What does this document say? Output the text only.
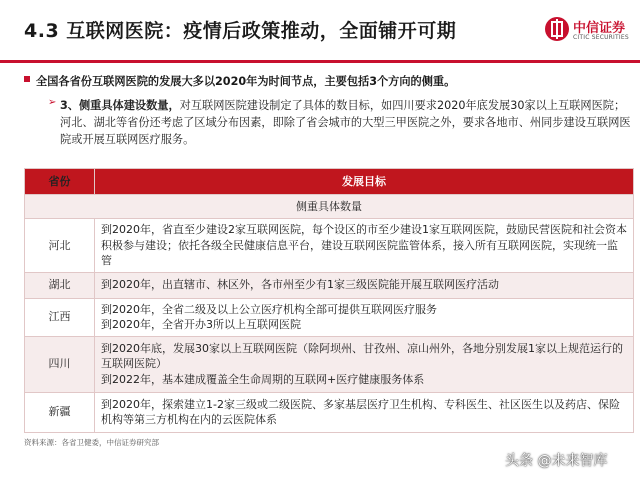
4.3 互联网医院：疫情后政策推动，全面铺开可期	中信证券
CITIC SECURITIES
全国各省份互联网医院的发展大多以2020年为时间节点，主要包括3个方向的侧重。
➢ 3、侧重具体建设数量，对互联网医院建设制定了具体的数目标，如四川要求2020年底发展30家以上互联网医院；河北、湖北等省份还考虑了区域分布因素，即除了省会城市的大型三甲医院之外，要求各地市、州同步建设互联网医院或开展互联网医疗服务。
省份	发展目标
侧重具体数量	
河北	到2020年，省直至少建设2家互联网医院，每个设区的市至少建设1家互联网医院，鼓励民营医院和社会资本积极参与建设；依托各级全民健康信息平台，建设互联网医院监管体系，接入所有互联网医院，实现统一监管
湖北	到2020年，出直辖市、林区外，各市州至少有1家三级医院能开展互联网医疗活动
江西	到2020年，全省二级及以上公立医疗机构全部可提供互联网医疗服务
到2020年，全省开办3所以上互联网医院

四川	到2020年底，发展30家以上互联网医院（除阿坝州、甘孜州、凉山州外，各地分别发展1家以上规范运行的互联网医院）
到2022年，基本建成覆盖全生命周期的互联网+医疗健康服务体系

新疆	到2020年，探索建立1-2家三级或二级医院、多家基层医疗卫生机构、专科医生、社区医生以及药店、保险机构等第三方机构在内的云医院体系
资料来源：各省卫健委，中信证券研究部
头条 @未来智库
